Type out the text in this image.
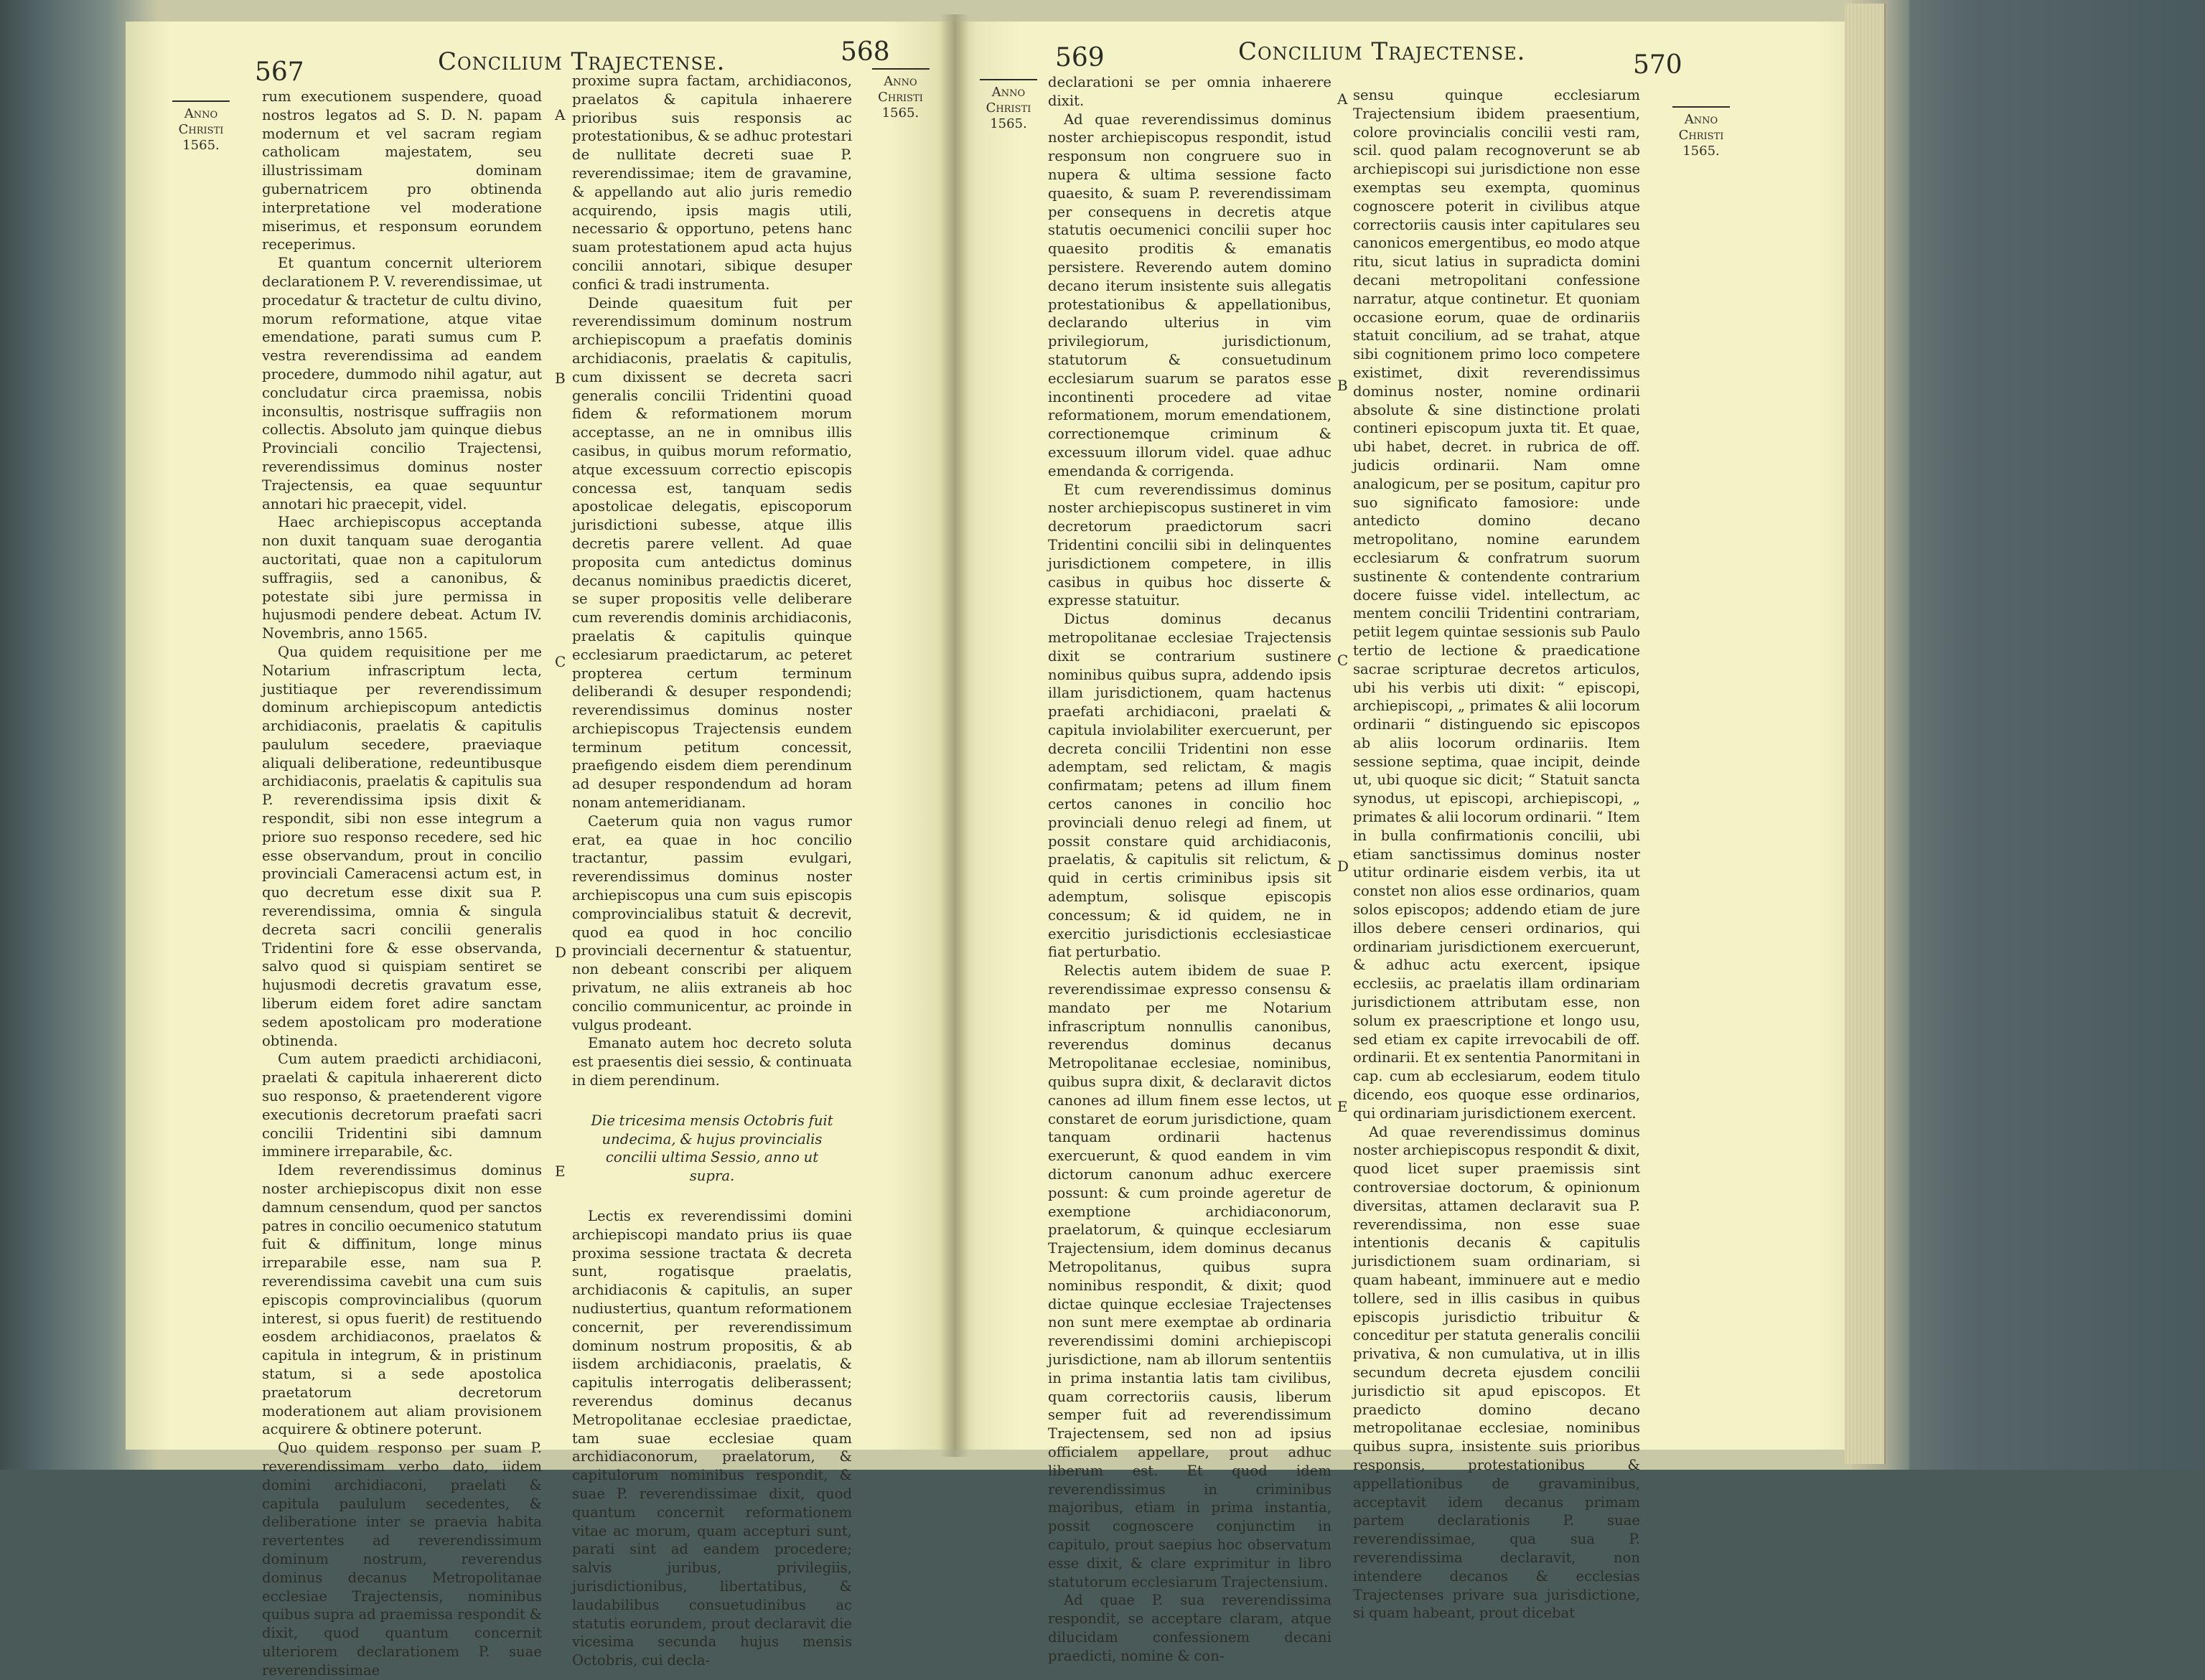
567	Concilium Trajectense.	568
Anno
Christi
1565.

rum executionem suspendere, quoad nostros legatos ad S. D. N. papam modernum et vel sacram regiam catholicam majestatem, seu illustrissimam dominam gubernatricem pro obtinenda interpretatione vel moderatione miserimus, et responsum eorundem receperimus.

Et quantum concernit ulteriorem declarationem P. V. reverendissimae, ut procedatur & tractetur de cultu divino, morum reformatione, atque vitae emendatione, parati sumus cum P. vestra reverendissima ad eandem procedere, dummodo nihil agatur, aut concludatur circa praemissa, nobis inconsultis, nostrisque suffragiis non collectis. Absoluto jam quinque diebus Provinciali concilio Trajectensi, reverendissimus dominus noster Trajectensis, ea quae sequuntur annotari hic praecepit, videl.

Haec archiepiscopus acceptanda non duxit tanquam suae derogantia auctoritati, quae non a capitulorum suffragiis, sed a canonibus, & potestate sibi jure permissa in hujusmodi pendere debeat. Actum IV. Novembris, anno 1565.

Qua quidem requisitione per me Notarium infrascriptum lecta, justitiaque per reverendissimum dominum archiepiscopum antedictis archidiaconis, praelatis & capitulis paululum secedere, praeviaque aliquali deliberatione, redeuntibusque archidiaconis, praelatis & capitulis sua P. reverendissima ipsis dixit & respondit, sibi non esse integrum a priore suo responso recedere, sed hic esse observandum, prout in concilio provinciali Cameracensi actum est, in quo decretum esse dixit sua P. reverendissima, omnia & singula decreta sacri concilii generalis Tridentini fore & esse observanda, salvo quod si quispiam sentiret se hujusmodi decretis gravatum esse, liberum eidem foret adire sanctam sedem apostolicam pro moderatione obtinenda.

Cum autem praedicti archidiaconi, praelati & capitula inhaererent dicto suo responso, & praetenderent vigore executionis decretorum praefati sacri concilii Tridentini sibi damnum imminere irreparabile, &c.

Idem reverendissimus dominus noster archiepiscopus dixit non esse damnum censendum, quod per sanctos patres in concilio oecumenico statutum fuit & diffinitum, longe minus irreparabile esse, nam sua P. reverendissima cavebit una cum suis episcopis comprovincialibus (quorum interest, si opus fuerit) de restituendo eosdem archidiaconos, praelatos & capitula in integrum, & in pristinum statum, si a sede apostolica praetatorum decretorum moderationem aut aliam provisionem acquirere & obtinere poterunt.

Quo quidem responso per suam P. reverendissimam verbo dato, iidem domini archidiaconi, praelati & capitula paululum secedentes, & deliberatione inter se praevia habita revertentes ad reverendissimum dominum nostrum, reverendus dominus decanus Metropolitanae ecclesiae Trajectensis, nominibus quibus supra ad praemissa respondit & dixit, quod quantum concernit ulteriorem declarationem P. suae reverendissimae

A
B
C
D
E

proxime supra factam, archidiaconos, praelatos & capitula inhaerere prioribus suis responsis ac protestationibus, & se adhuc protestari de nullitate decreti suae P. reverendissimae; item de gravamine, & appellando aut alio juris remedio acquirendo, ipsis magis utili, necessario & opportuno, petens hanc suam protestationem apud acta hujus concilii annotari, sibique desuper confici & tradi instrumenta.

Deinde quaesitum fuit per reverendissimum dominum nostrum archiepiscopum a praefatis dominis archidiaconis, praelatis & capitulis, cum dixissent se decreta sacri generalis concilii Tridentini quoad fidem & reformationem morum acceptasse, an ne in omnibus illis casibus, in quibus morum reformatio, atque excessuum correctio episcopis concessa est, tanquam sedis apostolicae delegatis, episcoporum jurisdictioni subesse, atque illis decretis parere vellent. Ad quae proposita cum antedictus dominus decanus nominibus praedictis diceret, se super propositis velle deliberare cum reverendis dominis archidiaconis, praelatis & capitulis quinque ecclesiarum praedictarum, ac peteret propterea certum terminum deliberandi & desuper respondendi; reverendissimus dominus noster archiepiscopus Trajectensis eundem terminum petitum concessit, praefigendo eisdem diem perendinum ad desuper respondendum ad horam nonam antemeridianam.

Caeterum quia non vagus rumor erat, ea quae in hoc concilio tractantur, passim evulgari, reverendissimus dominus noster archiepiscopus una cum suis episcopis comprovincialibus statuit & decrevit, quod ea quod in hoc concilio provinciali decernentur & statuentur, non debeant conscribi per aliquem privatum, ne aliis extraneis ab hoc concilio communicentur, ac proinde in vulgus prodeant.

Emanato autem hoc decreto soluta est praesentis diei sessio, & continuata in diem perendinum.

Die tricesima mensis Octobris fuit undecima, & hujus provincialis concilii ultima Sessio, anno ut supra.

Lectis ex reverendissimi domini archiepiscopi mandato prius iis quae proxima sessione tractata & decreta sunt, rogatisque praelatis, archidiaconis & capitulis, an super nudiustertius, quantum reformationem concernit, per reverendissimum dominum nostrum propositis, & ab iisdem archidiaconis, praelatis, & capitulis interrogatis deliberassent; reverendus dominus decanus Metropolitanae ecclesiae praedictae, tam suae ecclesiae quam archidiaconorum, praelatorum, & capitulorum nominibus respondit, & suae P. reverendissimae dixit, quod quantum concernit reformationem vitae ac morum, quam accepturi sunt, parati sint ad eandem procedere; salvis juribus, privilegiis, jurisdictionibus, libertatibus, & laudabilibus consuetudinibus ac statutis eorundem, prout declaravit die vicesima secunda hujus mensis Octobris, cui decla-

Anno
Christi
1565.
Anno
Christi
1565.
569	Concilium Trajectense.	570

declarationi se per omnia inhaerere dixit.

Ad quae reverendissimus dominus noster archiepiscopus respondit, istud responsum non congruere suo in nupera & ultima sessione facto quaesito, & suam P. reverendissimam per consequens in decretis atque statutis oecumenici concilii super hoc quaesito proditis & emanatis persistere. Reverendo autem domino decano iterum insistente suis allegatis protestationibus & appellationibus, declarando ulterius in vim privilegiorum, jurisdictionum, statutorum & consuetudinum ecclesiarum suarum se paratos esse incontinenti procedere ad vitae reformationem, morum emendationem, correctionemque criminum & excessuum illorum videl. quae adhuc emendanda & corrigenda.

Et cum reverendissimus dominus noster archiepiscopus sustineret in vim decretorum praedictorum sacri Tridentini concilii sibi in delinquentes jurisdictionem competere, in illis casibus in quibus hoc disserte & expresse statuitur.

Dictus dominus decanus metropolitanae ecclesiae Trajectensis dixit se contrarium sustinere nominibus quibus supra, addendo ipsis illam jurisdictionem, quam hactenus praefati archidiaconi, praelati & capitula inviolabiliter exercuerunt, per decreta concilii Tridentini non esse ademptam, sed relictam, & magis confirmatam; petens ad illum finem certos canones in concilio hoc provinciali denuo relegi ad finem, ut possit constare quid archidiaconis, praelatis, & capitulis sit relictum, & quid in certis criminibus ipsis sit ademptum, solisque episcopis concessum; & id quidem, ne in exercitio jurisdictionis ecclesiasticae fiat perturbatio.

Relectis autem ibidem de suae P. reverendissimae expresso consensu & mandato per me Notarium infrascriptum nonnullis canonibus, reverendus dominus decanus Metropolitanae ecclesiae, nominibus, quibus supra dixit, & declaravit dictos canones ad illum finem esse lectos, ut constaret de eorum jurisdictione, quam tanquam ordinarii hactenus exercuerunt, & quod eandem in vim dictorum canonum adhuc exercere possunt: & cum proinde ageretur de exemptione archidiaconorum, praelatorum, & quinque ecclesiarum Trajectensium, idem dominus decanus Metropolitanus, quibus supra nominibus respondit, & dixit; quod dictae quinque ecclesiae Trajectenses non sunt mere exemptae ab ordinaria reverendissimi domini archiepiscopi jurisdictione, nam ab illorum sententiis in prima instantia latis tam civilibus, quam correctoriis causis, liberum semper fuit ad reverendissimum Trajectensem, sed non ad ipsius officialem appellare, prout adhuc liberum est. Et quod idem reverendissimus in criminibus majoribus, etiam in prima instantia, possit cognoscere conjunctim in capitulo, prout saepius hoc observatum esse dixit, & clare exprimitur in libro statutorum ecclesiarum Trajectensium.

Ad quae P. sua reverendissima respondit, se acceptare claram, atque dilucidam confessionem decani praedicti, nomine & con-

A
B
C
D
E

sensu quinque ecclesiarum Trajectensium ibidem praesentium, colore provincialis concilii vesti ram, scil. quod palam recognoverunt se ab archiepiscopi sui jurisdictione non esse exemptas seu exempta, quominus cognoscere poterit in civilibus atque correctoriis causis inter capitulares seu canonicos emergentibus, eo modo atque ritu, sicut latius in supradicta domini decani metropolitani confessione narratur, atque continetur. Et quoniam occasione eorum, quae de ordinariis statuit concilium, ad se trahat, atque sibi cognitionem primo loco competere existimet, dixit reverendissimus dominus noster, nomine ordinarii absolute & sine distinctione prolati contineri episcopum juxta tit. Et quae, ubi habet, decret. in rubrica de off. judicis ordinarii. Nam omne analogicum, per se positum, capitur pro suo significato famosiore: unde antedicto domino decano metropolitano, nomine earundem ecclesiarum & confratrum suorum sustinente & contendente contrarium docere fuisse videl. intellectum, ac mentem concilii Tridentini contrariam, petiit legem quintae sessionis sub Paulo tertio de lectione & praedicatione sacrae scripturae decretos articulos, ubi his verbis uti dixit: “ episcopi, archiepiscopi, „ primates & alii locorum ordinarii “ distinguendo sic episcopos ab aliis locorum ordinariis. Item sessione septima, quae incipit, deinde ut, ubi quoque sic dicit; “ Statuit sancta synodus, ut episcopi, archiepiscopi, „ primates & alii locorum ordinarii. “ Item in bulla confirmationis concilii, ubi etiam sanctissimus dominus noster utitur ordinarie eisdem verbis, ita ut constet non alios esse ordinarios, quam solos episcopos; addendo etiam de jure illos debere censeri ordinarios, qui ordinariam jurisdictionem exercuerunt, & adhuc actu exercent, ipsique ecclesiis, ac praelatis illam ordinariam jurisdictionem attributam esse, non solum ex praescriptione et longo usu, sed etiam ex capite irrevocabili de off. ordinarii. Et ex sententia Panormitani in cap. cum ab ecclesiarum, eodem titulo dicendo, eos quoque esse ordinarios, qui ordinariam jurisdictionem exercent.

Ad quae reverendissimus dominus noster archiepiscopus respondit & dixit, quod licet super praemissis sint controversiae doctorum, & opinionum diversitas, attamen declaravit sua P. reverendissima, non esse suae intentionis decanis & capitulis jurisdictionem suam ordinariam, si quam habeant, imminuere aut e medio tollere, sed in illis casibus in quibus episcopis jurisdictio tribuitur & conceditur per statuta generalis concilii privativa, & non cumulativa, ut in illis secundum decreta ejusdem concilii jurisdictio sit apud episcopos. Et praedicto domino decano metropolitanae ecclesiae, nominibus quibus supra, insistente suis prioribus responsis, protestationibus & appellationibus de gravaminibus, acceptavit idem decanus primam partem declarationis P. suae reverendissimae, qua sua P. reverendissima declaravit, non intendere decanos & ecclesias Trajectenses privare sua jurisdictione, si quam habeant, prout dicebat

Anno
Christi
1565.
